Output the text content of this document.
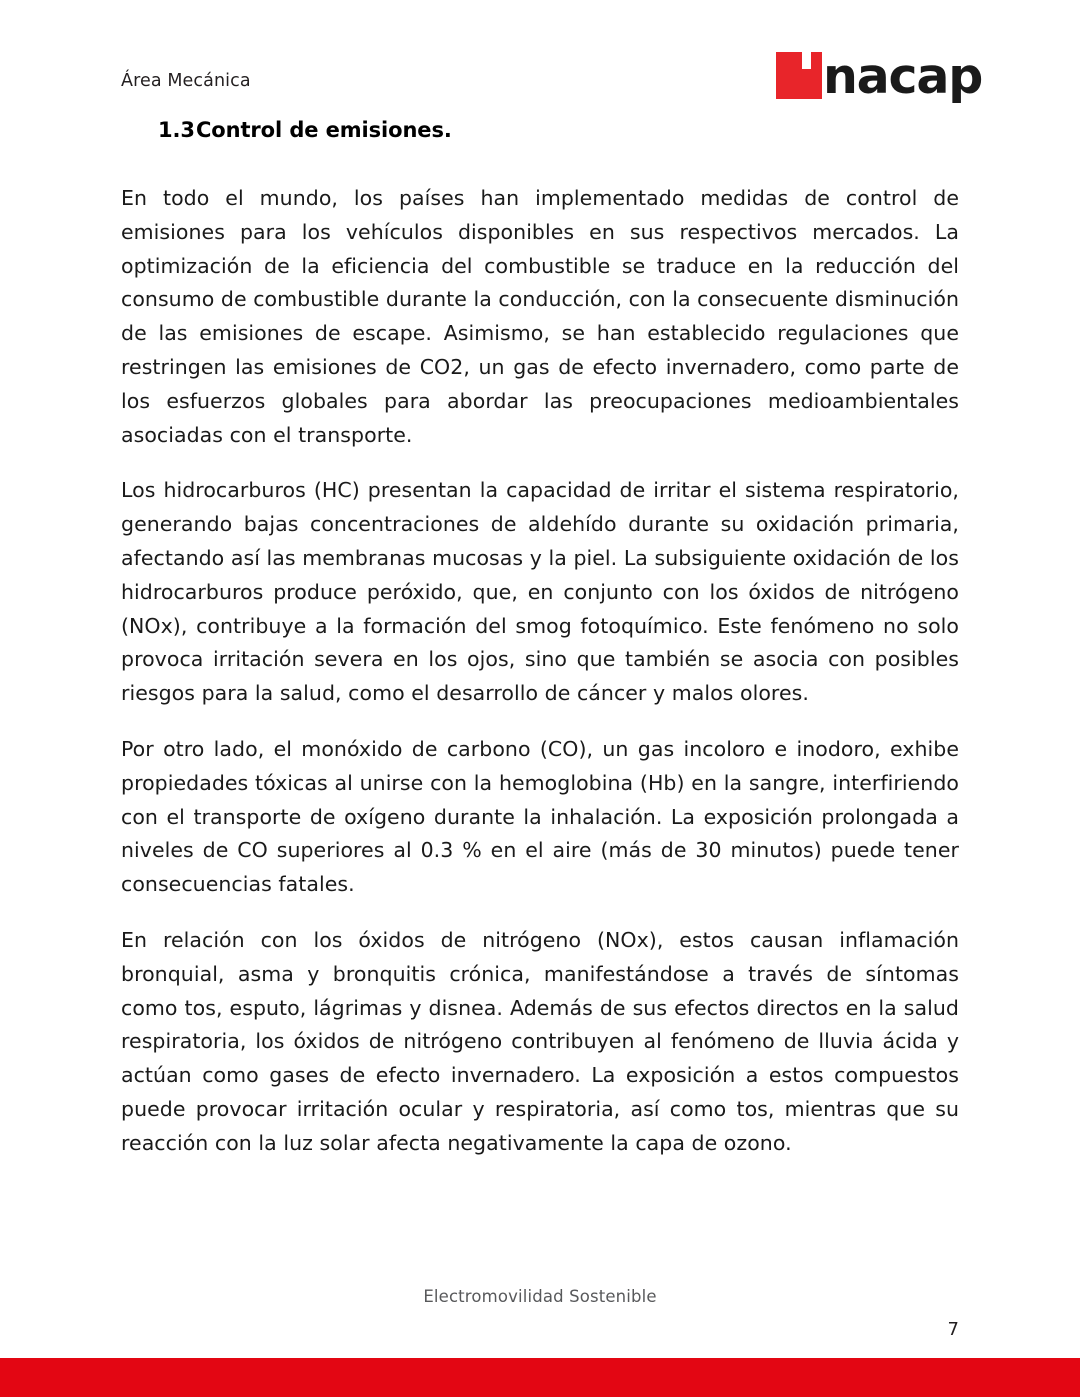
Área Mecánica	nacap
1.3Control de emisiones.

En todo el mundo, los países han implementado medidas de control de emisiones para los vehículos disponibles en sus respectivos mercados. La optimización de la eficiencia del combustible se traduce en la reducción del consumo de combustible durante la conducción, con la consecuente disminución de las emisiones de escape. Asimismo, se han establecido regulaciones que restringen las emisiones de CO2, un gas de efecto invernadero, como parte de los esfuerzos globales para abordar las preocupaciones medioambientales asociadas con el transporte.

Los hidrocarburos (HC) presentan la capacidad de irritar el sistema respiratorio, generando bajas concentraciones de aldehído durante su oxidación primaria, afectando así las membranas mucosas y la piel. La subsiguiente oxidación de los hidrocarburos produce peróxido, que, en conjunto con los óxidos de nitrógeno (NOx), contribuye a la formación del smog fotoquímico. Este fenómeno no solo provoca irritación severa en los ojos, sino que también se asocia con posibles riesgos para la salud, como el desarrollo de cáncer y malos olores.

Por otro lado, el monóxido de carbono (CO), un gas incoloro e inodoro, exhibe propiedades tóxicas al unirse con la hemoglobina (Hb) en la sangre, interfiriendo con el transporte de oxígeno durante la inhalación. La exposición prolongada a niveles de CO superiores al 0.3 % en el aire (más de 30 minutos) puede tener consecuencias fatales.

En relación con los óxidos de nitrógeno (NOx), estos causan inflamación bronquial, asma y bronquitis crónica, manifestándose a través de síntomas como tos, esputo, lágrimas y disnea. Además de sus efectos directos en la salud respiratoria, los óxidos de nitrógeno contribuyen al fenómeno de lluvia ácida y actúan como gases de efecto invernadero. La exposición a estos compuestos puede provocar irritación ocular y respiratoria, así como tos, mientras que su reacción con la luz solar afecta negativamente la capa de ozono.

Electromovilidad Sostenible
7
